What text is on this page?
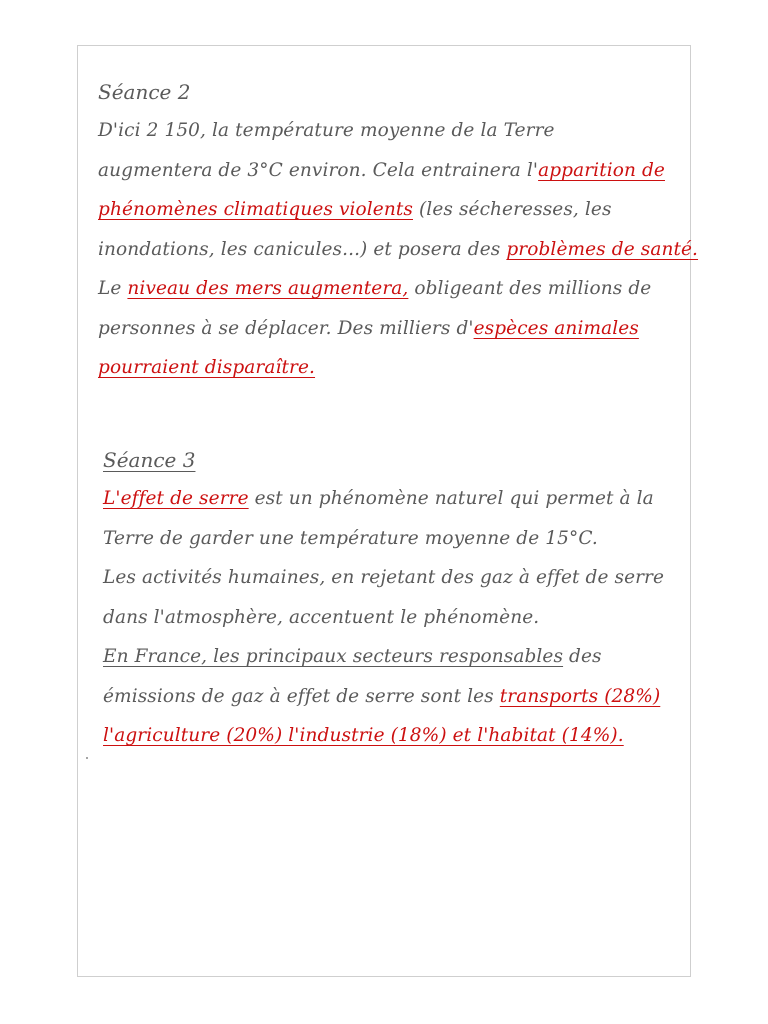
Séance 2
D'ici 2 150, la température moyenne de la Terre
augmentera de 3°C environ. Cela entrainera l'apparition de
phénomènes climatiques violents (les sécheresses, les
inondations, les canicules...) et posera des problèmes de santé.
Le niveau des mers augmentera, obligeant des millions de
personnes à se déplacer. Des milliers d'espèces animales
pourraient disparaître.
Séance 3
L'effet de serre est un phénomène naturel qui permet à la
Terre de garder une température moyenne de 15°C.
Les activités humaines, en rejetant des gaz à effet de serre
dans l'atmosphère, accentuent le phénomène.
En France, les principaux secteurs responsables des
émissions de gaz à effet de serre sont les transports (28%)
l'agriculture (20%) l'industrie (18%) et l'habitat (14%).
